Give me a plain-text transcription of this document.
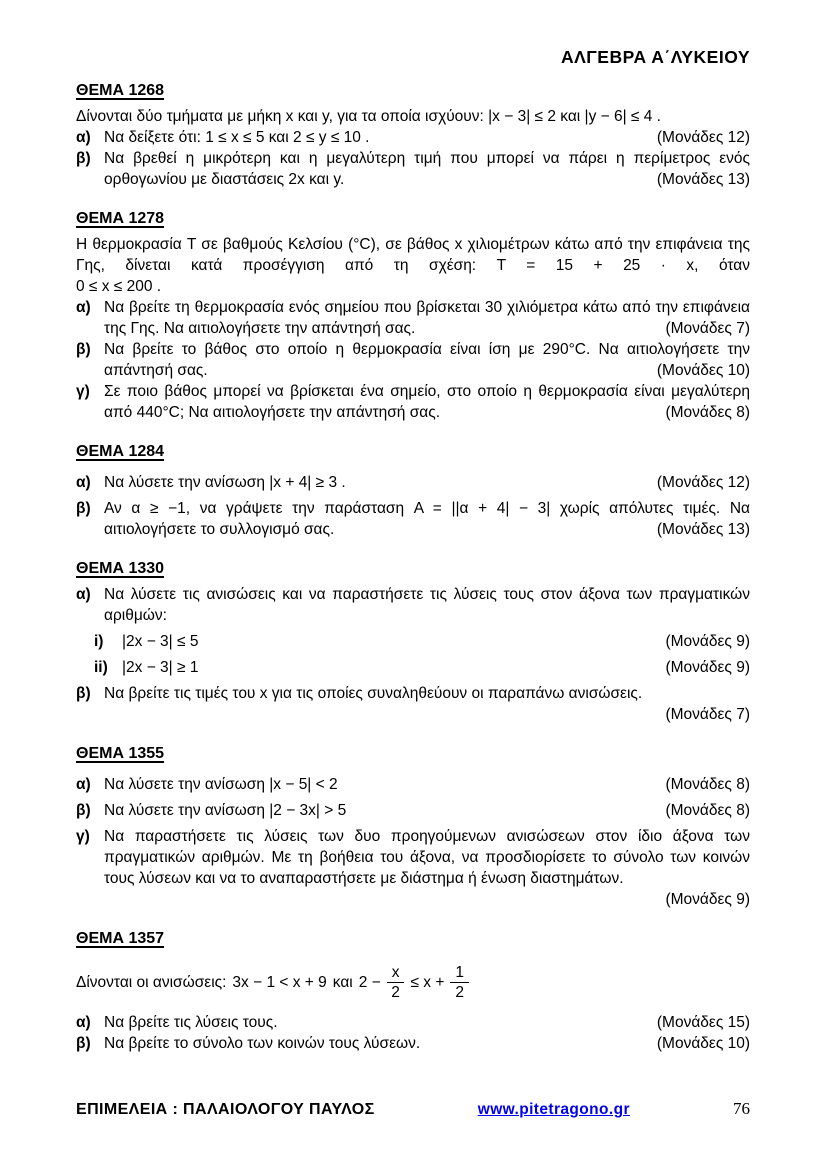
ΑΛΓΕΒΡΑ Α΄ΛΥΚΕΙΟΥ
ΘΕΜΑ 1268

Δίνονται δύο τμήματα με μήκη x και y, για τα οποία ισχύουν: |x − 3| ≤ 2 και |y − 6| ≤ 4 .

α) Να δείξετε ότι: 1 ≤ x ≤ 5 και 2 ≤ y ≤ 10 .	(Μονάδες 12)
β) Να βρεθεί η μικρότερη και η μεγαλύτερη τιμή που μπορεί να πάρει η περίμετρος ενός ορθογωνίου με διαστάσεις 2x και y.	(Μονάδες 13)
ΘΕΜΑ 1278

Η θερμοκρασία T σε βαθμούς Κελσίου (°C), σε βάθος x χιλιομέτρων κάτω από την επιφάνεια της Γης, δίνεται κατά προσέγγιση από τη σχέση: T = 15 + 25 · x, όταν

0 ≤ x ≤ 200 .

α) Να βρείτε τη θερμοκρασία ενός σημείου που βρίσκεται 30 χιλιόμετρα κάτω από την επιφάνεια της Γης. Να αιτιολογήσετε την απάντησή σας.	(Μονάδες 7)
β) Να βρείτε το βάθος στο οποίο η θερμοκρασία είναι ίση με 290°C. Να αιτιολογήσετε την απάντησή σας.	(Μονάδες 10)
γ) Σε ποιο βάθος μπορεί να βρίσκεται ένα σημείο, στο οποίο η θερμοκρασία είναι μεγαλύτερη από 440°C; Να αιτιολογήσετε την απάντησή σας.	(Μονάδες 8)
ΘΕΜΑ 1284
α) Να λύσετε την ανίσωση |x + 4| ≥ 3 .	(Μονάδες 12)
β) Αν α ≥ −1, να γράψετε την παράσταση A = ||α + 4| − 3| χωρίς απόλυτες τιμές. Να αιτιολογήσετε το συλλογισμό σας.	(Μονάδες 13)
ΘΕΜΑ 1330
α) Να λύσετε τις ανισώσεις και να παραστήσετε τις λύσεις τους στον άξονα των πραγματικών αριθμών:
i)	|2x − 3| ≤ 5	(Μονάδες 9)
ii) |2x − 3| ≥ 1	(Μονάδες 9)
β) Να βρείτε τις τιμές του x για τις οποίες συναληθεύουν οι παραπάνω ανισώσεις.
(Μονάδες 7)
ΘΕΜΑ 1355
α) Να λύσετε την ανίσωση |x − 5| < 2	(Μονάδες 8)
β) Να λύσετε την ανίσωση |2 − 3x| > 5	(Μονάδες 8)
γ) Να παραστήσετε τις λύσεις των δυο προηγούμενων ανισώσεων στον ίδιο άξονα των πραγματικών αριθμών. Με τη βοήθεια του άξονα, να προσδιορίσετε το σύνολο των κοινών τους λύσεων και να το αναπαραστήσετε με διάστημα ή ένωση διαστημάτων.
(Μονάδες 9)
ΘΕΜΑ 1357
Δίνονται οι ανισώσεις: 3x − 1 < x + 9 και $2 - \frac{x}{2} \le x + \frac{1}{2}$
α) Να βρείτε τις λύσεις τους.	(Μονάδες 15)
β) Να βρείτε το σύνολο των κοινών τους λύσεων.	(Μονάδες 10)
ΕΠΙΜΕΛΕΙΑ : ΠΑΛΑΙΟΛΟΓΟΥ ΠΑΥΛΟΣ	www.pitetragono.gr	76
